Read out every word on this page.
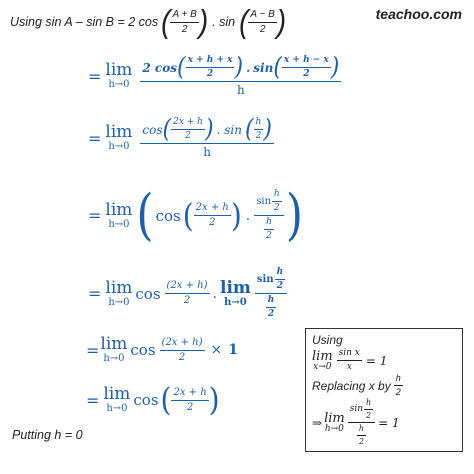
teachoo.com
Using sin A – sin B = 2 cos ( $\frac{A + B}{2}$ ) . sin ( $\frac{A - B}{2}$ )
= lim
h→0
2 cos ( $\frac{x + h + x}{2}$ ) . sin ( $\frac{x + h - x}{2}$ )
h
= lim
h→0
cos ( $\frac{2x + h}{2}$ ) . sin ( $\frac{h}{2}$ )
h
= lim
h→0 ( cos ( $\frac{2x + h}{2}$ ) . $\frac{\sin \frac{h}{2}}{\frac{h}{2}}$ )
= lim
h→0 $\cos \frac{(2x + h)}{2}$ . lim
$h\to 0 \frac{\sin \frac{h}{2}}{\frac{h}{2}}$
= lim
h→0 $\cos \frac{(2x + h)}{2} \times 1$
= lim
h→0 cos ( $\frac{2x + h}{2}$ )
Putting h = 0
Using
lim
$x\to 0 \frac{\text{sin x}}{x} = 1$
Replacing x by $\frac{h}{2}$
⇒ lim
$h\to 0 \frac{\sin \frac{h}{2}}{\frac{h}{2}} = 1$
